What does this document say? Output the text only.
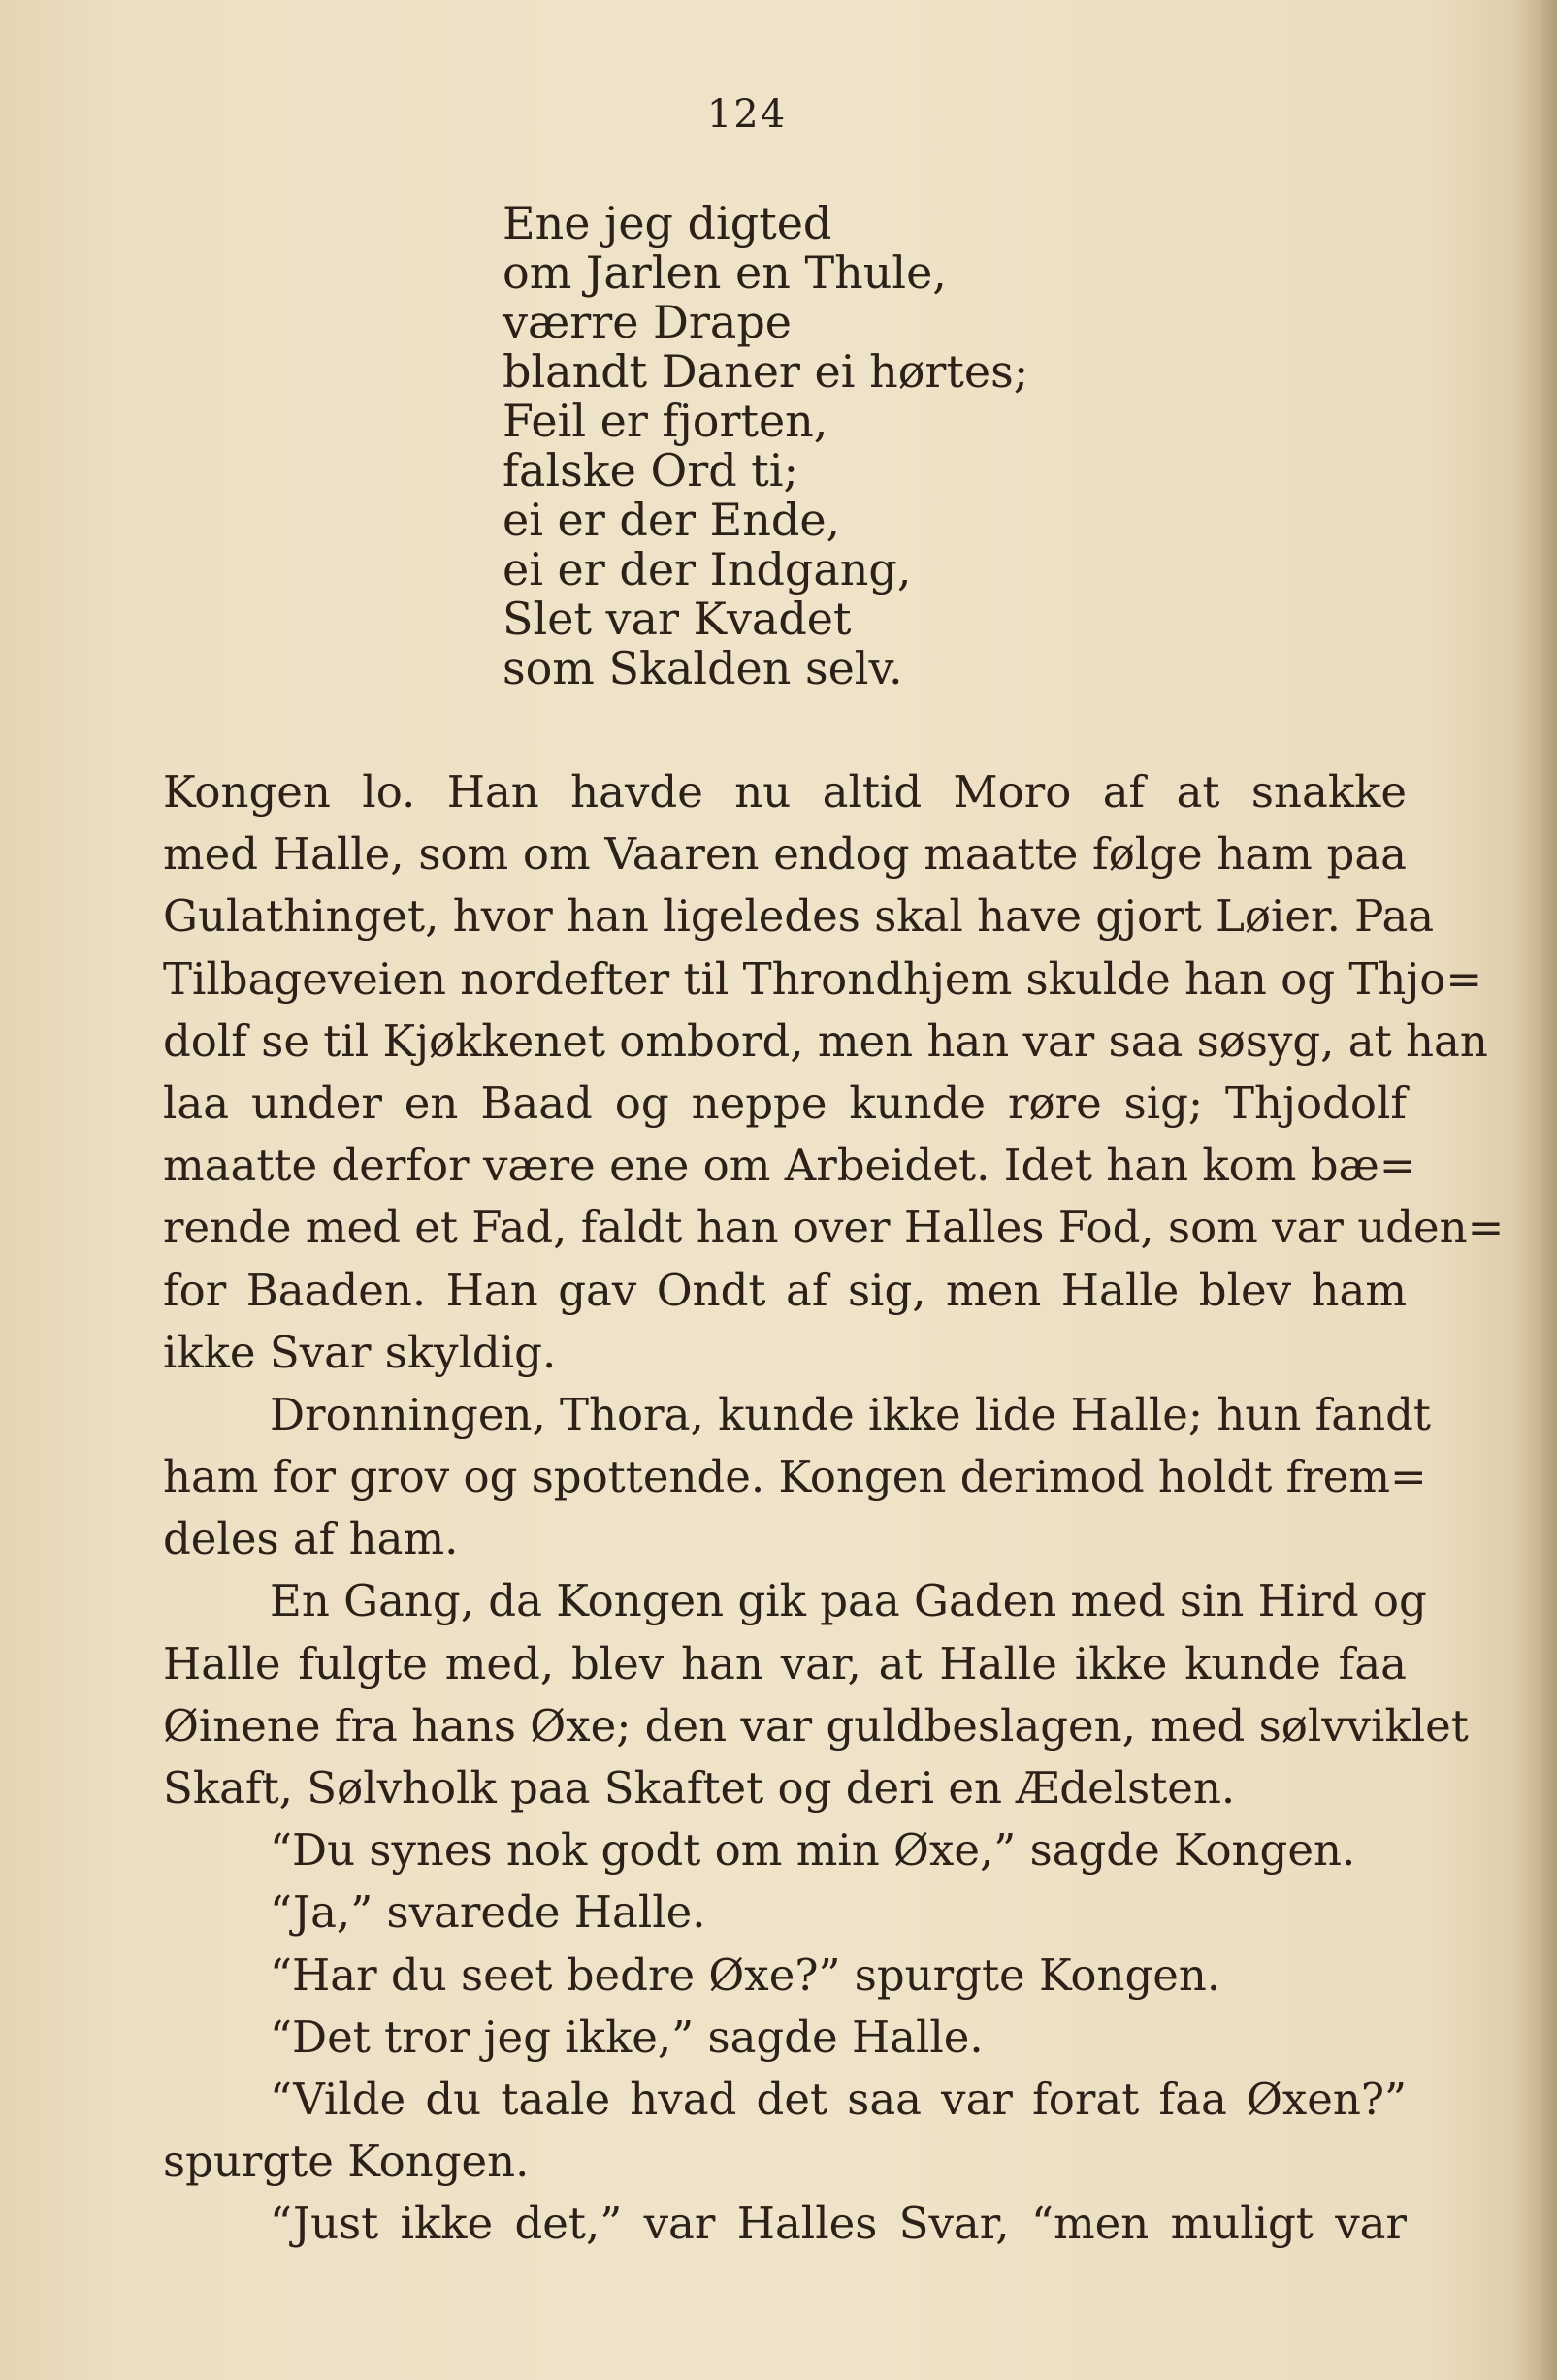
124
Ene jeg digted
om Jarlen en Thule,
værre Drape
blandt Daner ei hørtes;
Feil er fjorten,
falske Ord ti;
ei er der Ende,
ei er der Indgang,
Slet var Kvadet
som Skalden selv.
Kongen lo. Han havde nu altid Moro af at snakke
med Halle, som om Vaaren endog maatte følge ham paa
Gulathinget, hvor han ligeledes skal have gjort Løier. Paa
Tilbageveien nordefter til Throndhjem skulde han og Thjo=
dolf se til Kjøkkenet ombord, men han var saa søsyg, at han
laa under en Baad og neppe kunde røre sig; Thjodolf
maatte derfor være ene om Arbeidet. Idet han kom bæ=
rende med et Fad, faldt han over Halles Fod, som var uden=
for Baaden. Han gav Ondt af sig, men Halle blev ham
ikke Svar skyldig.
Dronningen, Thora, kunde ikke lide Halle; hun fandt
ham for grov og spottende. Kongen derimod holdt frem=
deles af ham.
En Gang, da Kongen gik paa Gaden med sin Hird og
Halle fulgte med, blev han var, at Halle ikke kunde faa
Øinene fra hans Øxe; den var guldbeslagen, med sølvviklet
Skaft, Sølvholk paa Skaftet og deri en Ædelsten.
“Du synes nok godt om min Øxe,” sagde Kongen.
“Ja,” svarede Halle.
“Har du seet bedre Øxe?” spurgte Kongen.
“Det tror jeg ikke,” sagde Halle.
“Vilde du taale hvad det saa var forat faa Øxen?”
spurgte Kongen.
“Just ikke det,” var Halles Svar, “men muligt var
